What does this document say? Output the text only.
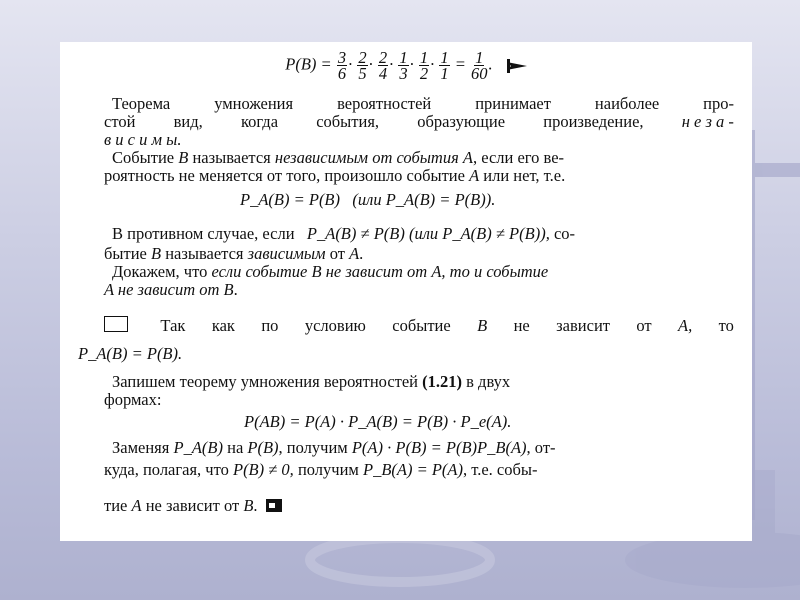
$P(B) = \frac{3}{6} \cdot \frac{2}{5} \cdot \frac{2}{4} \cdot \frac{1}{3} \cdot \frac{1}{2} \cdot \frac{1}{1} = \frac{1}{60}$ .
Теорема	умножения	вероятностей	принимает	наиболее	про-
стой вид, когда события, образующие произведение, н е з а -
в и с и м ы.
Событие B называется независимым от события A, если его ве-
роятность не меняется от того, произошло событие A или нет, т.е.
P_A(B) = P(B) (или P_A(B) = P(B)).
В противном случае, если P_A(B) ≠ P(B) (или P_A(B) ≠ P(B)), со-
бытие B называется зависимым от A.
Докажем, что если событие B не зависит от A, то и событие
A не зависит от B.
Так как по условию событие B не зависит от A, то
P_A(B) = P(B).
Запишем теорему умножения вероятностей (1.21) в двух
формах:
P(AB) = P(A) · P_A(B) = P(B) · P_e(A).
Заменяя P_A(B) на P(B), получим P(A) · P(B) = P(B)P_B(A), от-
куда, полагая, что P(B) ≠ 0, получим P_B(A) = P(A), т.е. собы-
тие A не зависит от B.
